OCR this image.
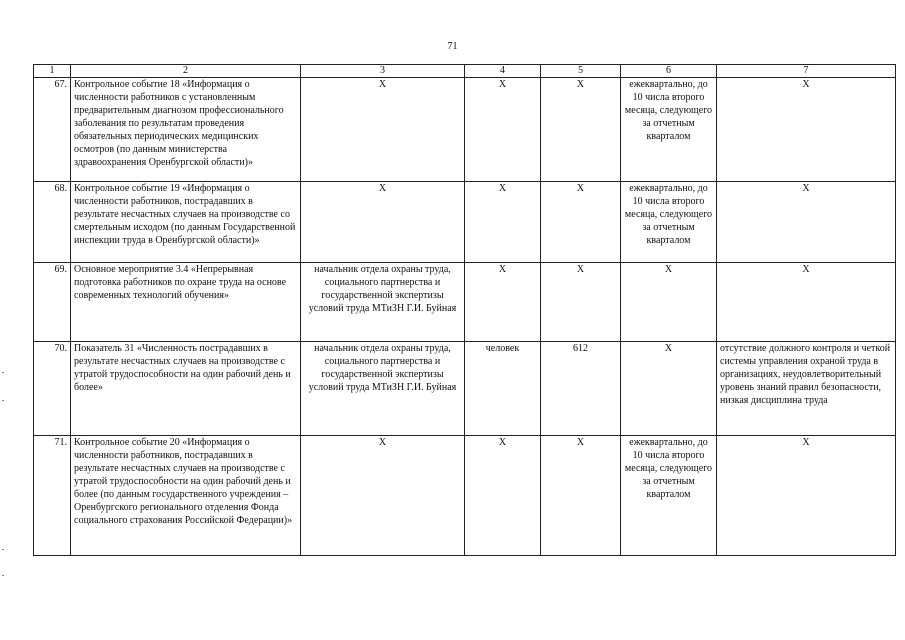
71
1	2	3	4	5	6	7
67.	Контрольное событие 18 «Информация о численности работников с установленным предварительным диагнозом профессионального заболевания по результатам проведения обязательных периодических медицинских осмотров (по данным министерства здравоохранения Оренбургской области)»	Х	Х	Х	ежеквартально, до 10 числа второго месяца, следующего за отчетным кварталом	Х
68.	Контрольное событие 19 «Информация о численности работников, пострадавших в результате несчастных случаев на производстве со смертельным исходом (по данным Государственной инспекции труда в Оренбургской области)»	Х	Х	Х	ежеквартально, до 10 числа второго месяца, следующего за отчетным кварталом	Х
69.	Основное мероприятие 3.4 «Непрерывная подготовка работников по охране труда на основе современных технологий обучения»	начальник отдела охраны труда, социального партнерства и государственной экспертизы условий труда МТиЗН Г.И. Буйная	Х	Х	Х	Х
70.	Показатель 31 «Численность пострадавших в результате несчастных случаев на производстве с утратой трудоспособности на один рабочий день и более»	начальник отдела охраны труда, социального партнерства и государственной экспертизы условий труда МТиЗН Г.И. Буйная	человек	612	Х	отсутствие должного контроля и четкой системы управления охраной труда в организациях, неудовлетворительный уровень знаний правил безопасности, низкая дисциплина труда
71.	Контрольное событие 20 «Информация о численности работников, пострадавших в результате несчастных случаев на производстве с утратой трудоспособности на один рабочий день и более (по данным государственного учреждения – Оренбургского регионального отделения Фонда социального страхования Российской Федерации)»	Х	Х	Х	ежеквартально, до 10 числа второго месяца, следующего за отчетным кварталом	Х
